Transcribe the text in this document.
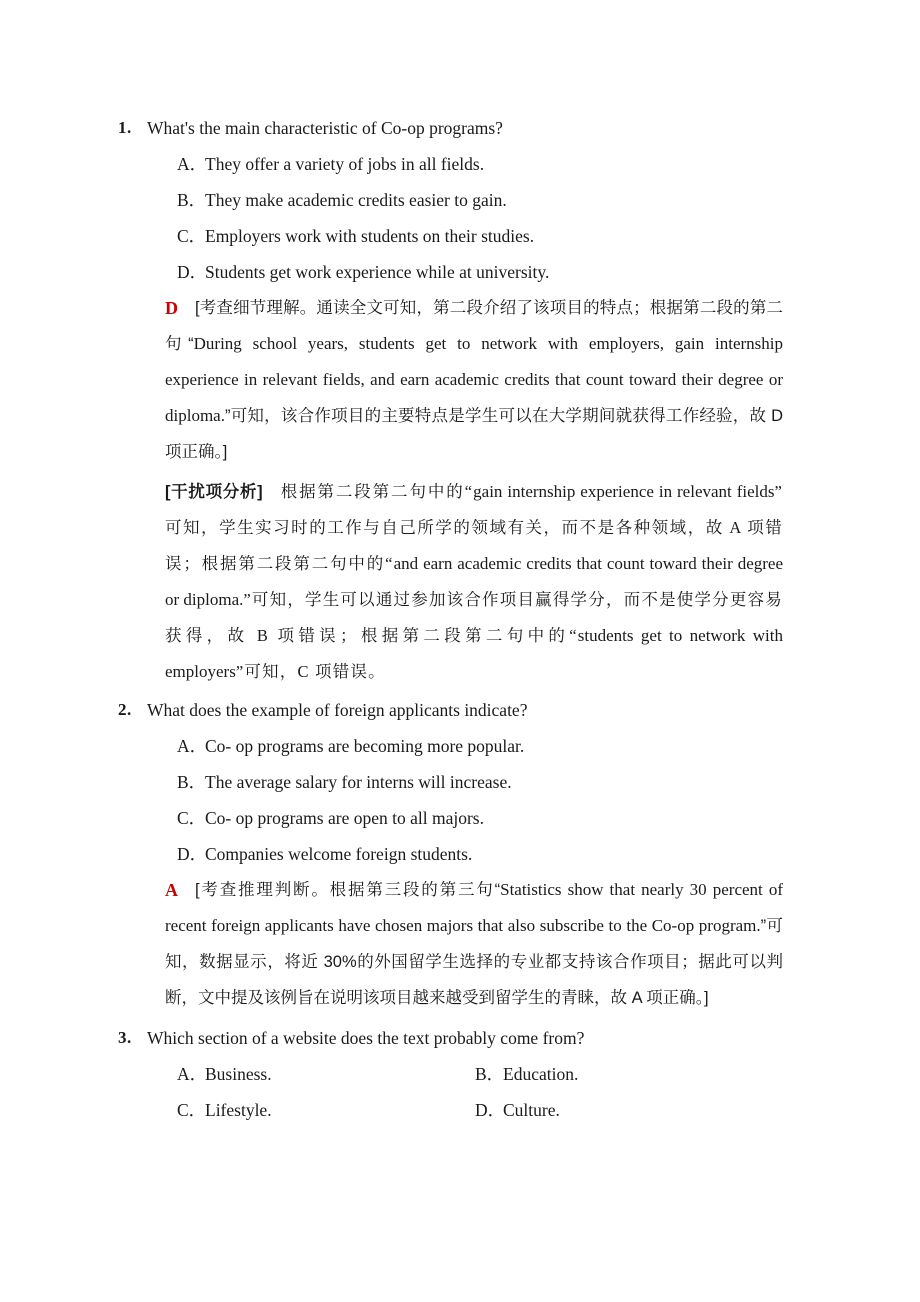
1. What's the main characteristic of Co-op programs?
A．
They offer a variety of jobs in all fields.
B．
They make academic credits easier to gain.
C．
Employers work with students on their studies.
D．
Students get work experience while at university.
D [考查细节理解。通读全文可知，第二段介绍了该项目的特点；根据第二段的第二句“During school years, students get to network with employers, gain internship experience in relevant fields, and earn academic credits that count toward their degree or diploma.”可知，该合作项目的主要特点是学生可以在大学期间就获得工作经验，故 D 项正确。]
[干扰项分析] 根据第二段第二句中的“gain internship experience in relevant fields”可知，学生实习时的工作与自己所学的领域有关，而不是各种领域，故 A 项错误；根据第二段第二句中的“and earn academic credits that count toward their degree or diploma.”可知，学生可以通过参加该合作项目赢得学分，而不是使学分更容易获得，故 B 项错误；根据第二段第二句中的“students get to network with employers”可知，C 项错误。
2. What does the example of foreign applicants indicate?
A．
Co‐ op programs are becoming more popular.
B．
The average salary for interns will increase.
C．
Co‐ op programs are open to all majors.
D．
Companies welcome foreign students.
A [考查推理判断。根据第三段的第三句“Statistics show that nearly 30 percent of recent foreign applicants have chosen majors that also subscribe to the Co-op program.”可知，数据显示，将近 30%的外国留学生选择的专业都支持该合作项目；据此可以判断，文中提及该例旨在说明该项目越来越受到留学生的青睐，故 A 项正确。]
3. Which section of a website does the text probably come from?
A．
Business.	B．
Education.
C．
Lifestyle.	D．
Culture.
